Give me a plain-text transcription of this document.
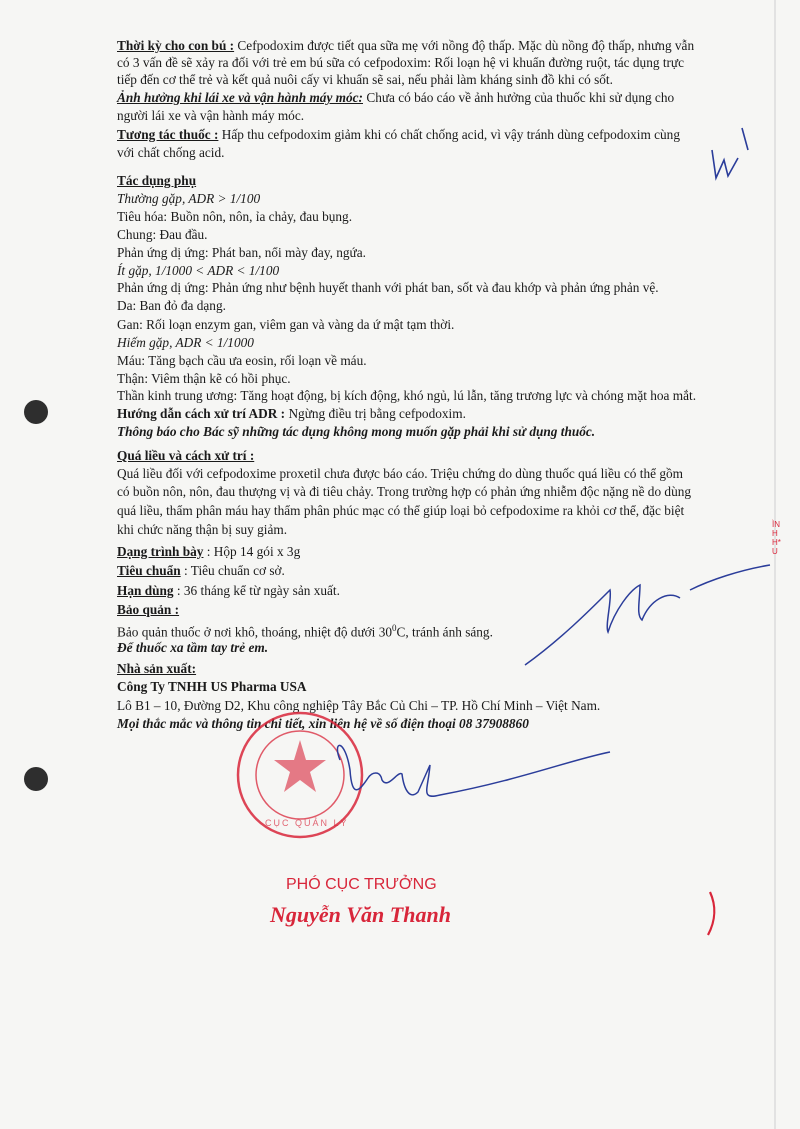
Thời kỳ cho con bú : Cefpodoxim được tiết qua sữa mẹ với nồng độ thấp. Mặc dù nồng độ thấp, nhưng vẫn
có 3 vấn đề sẽ xảy ra đối với trẻ em bú sữa có cefpodoxim: Rối loạn hệ vi khuẩn đường ruột, tác dụng trực
tiếp đến cơ thể trẻ và kết quả nuôi cấy vi khuẩn sẽ sai, nếu phải làm kháng sinh đồ khi có sốt.
Ảnh hưởng khi lái xe và vận hành máy móc: Chưa có báo cáo về ảnh hưởng của thuốc khi sử dụng cho
người lái xe và vận hành máy móc.
Tương tác thuốc : Hấp thu cefpodoxim giảm khi có chất chống acid, vì vậy tránh dùng cefpodoxim cùng
với chất chống acid.
Tác dụng phụ
Thường gặp, ADR > 1/100
Tiêu hóa: Buồn nôn, nôn, ỉa chảy, đau bụng.
Chung: Đau đầu.
Phản ứng dị ứng: Phát ban, nổi mày đay, ngứa.
Ít gặp, 1/1000 < ADR < 1/100
Phản ứng dị ứng: Phản ứng như bệnh huyết thanh với phát ban, sốt và đau khớp và phản ứng phản vệ.
Da: Ban đỏ đa dạng.
Gan: Rối loạn enzym gan, viêm gan và vàng da ứ mật tạm thời.
Hiếm gặp, ADR < 1/1000
Máu: Tăng bạch cầu ưa eosin, rối loạn về máu.
Thận: Viêm thận kẽ có hồi phục.
Thần kinh trung ương: Tăng hoạt động, bị kích động, khó ngủ, lú lẫn, tăng trương lực và chóng mặt hoa mắt.
Hướng dẫn cách xử trí ADR : Ngừng điều trị bằng cefpodoxim.
Thông báo cho Bác sỹ những tác dụng không mong muốn gặp phải khi sử dụng thuốc.
Quá liều và cách xử trí :
Quá liều đối với cefpodoxime proxetil chưa được báo cáo. Triệu chứng do dùng thuốc quá liều có thể gồm
có buồn nôn, nôn, đau thượng vị và đi tiêu chảy. Trong trường hợp có phản ứng nhiễm độc nặng nề do dùng
quá liều, thẩm phân máu hay thẩm phân phúc mạc có thể giúp loại bỏ cefpodoxime ra khỏi cơ thể, đặc biệt
khi chức năng thận bị suy giảm.
Dạng trình bày : Hộp 14 gói x 3g
Tiêu chuẩn : Tiêu chuẩn cơ sở.
Hạn dùng : 36 tháng kể từ ngày sản xuất.
Bảo quản :
Bảo quản thuốc ở nơi khô, thoáng, nhiệt độ dưới $30^0C$, tránh ánh sáng.
Để thuốc xa tầm tay trẻ em.
Nhà sản xuất:
Công Ty TNHH US Pharma USA
Lô B1 – 10, Đường D2, Khu công nghiệp Tây Bắc Củ Chi – TP. Hồ Chí Minh – Việt Nam.
Mọi thắc mắc và thông tin chi tiết, xin liên hệ về số điện thoại 08 37908860
CỤC QUẢN LÝ
ÌNHH*U
PHÓ CỤC TRƯỞNG
Nguyễn Văn Thanh
